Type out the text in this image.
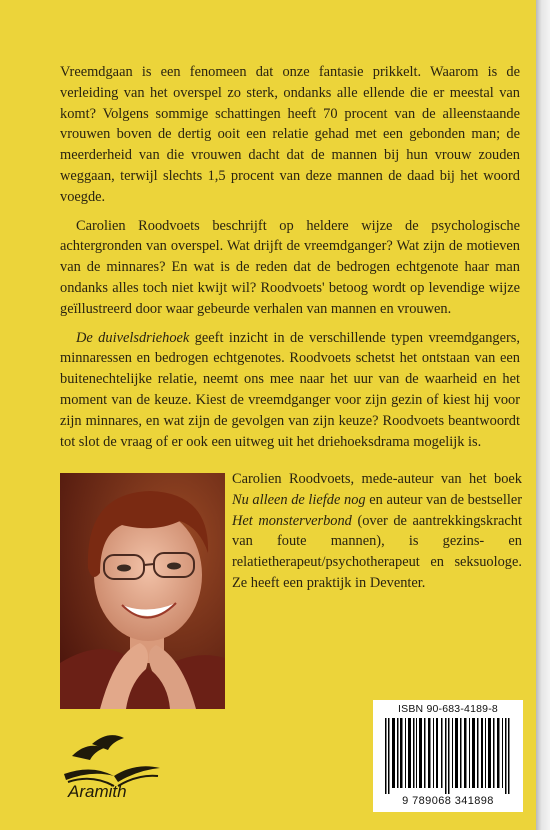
Vreemdgaan is een fenomeen dat onze fantasie prikkelt. Waarom is de verleiding van het overspel zo sterk, ondanks alle ellende die er meestal van komt? Volgens sommige schattingen heeft 70 procent van de alleenstaande vrouwen boven de dertig ooit een relatie gehad met een gebonden man; de meerderheid van die vrouwen dacht dat de mannen bij hun vrouw zouden weggaan, terwijl slechts 1,5 procent van deze mannen de daad bij het woord voegde.

Carolien Roodvoets beschrijft op heldere wijze de psychologische achtergronden van overspel. Wat drijft de vreemdganger? Wat zijn de motieven van de minnares? En wat is de reden dat de bedrogen echtgenote haar man ondanks alles toch niet kwijt wil? Roodvoets' betoog wordt op levendige wijze geïllustreerd door waar gebeurde verhalen van mannen en vrouwen.

De duivelsdriehoek geeft inzicht in de verschillende typen vreemdgangers, minnaressen en bedrogen echtgenotes. Roodvoets schetst het ontstaan van een buitenechtelijke relatie, neemt ons mee naar het uur van de waarheid en het moment van de keuze. Kiest de vreemdganger voor zijn gezin of kiest hij voor zijn minnares, en wat zijn de gevolgen van zijn keuze? Roodvoets beantwoordt tot slot de vraag of er ook een uitweg uit het driehoeksdrama mogelijk is.

Carolien Roodvoets, mede-auteur van het boek Nu alleen de liefde nog en auteur van de bestseller Het monsterverbond (over de aantrekkingskracht van foute mannen), is gezins- en relatietherapeut/psychotherapeut en seksuologe. Ze heeft een praktijk in Deventer.
Aramith
ISBN 90-683-4189-8
9 789068 341898
